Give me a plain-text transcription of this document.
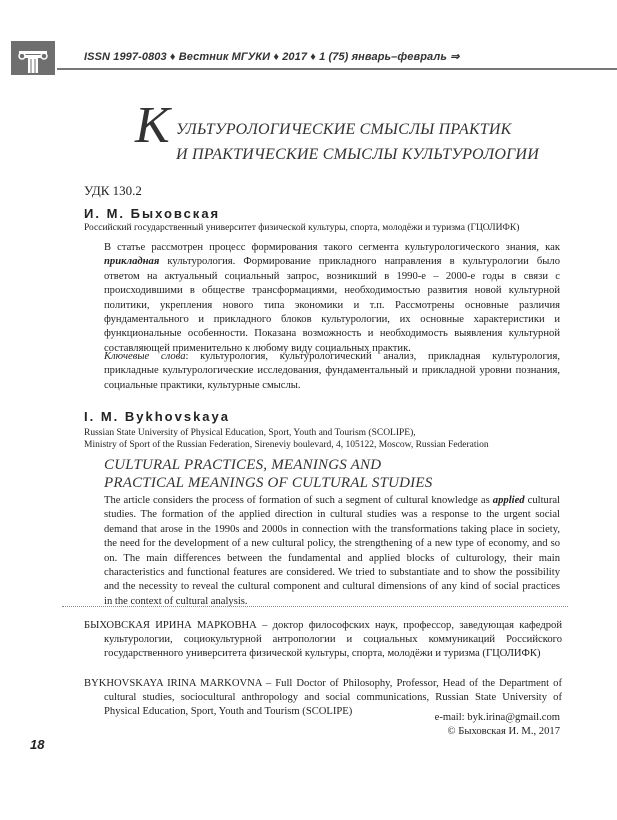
ISSN 1997-0803 ♦ Вестник МГУКИ ♦ 2017 ♦ 1 (75) январь–февраль ⇒
К УЛЬТУРОЛОГИЧЕСКИЕ СМЫСЛЫ ПРАКТИК
И ПРАКТИЧЕСКИЕ СМЫСЛЫ КУЛЬТУРОЛОГИИ
УДК 130.2
И. М. Быховская
Российский государственный университет физической культуры, спорта, молодёжи и туризма (ГЦОЛИФК)
В статье рассмотрен процесс формирования такого сегмента культурологического знания, как прикладная культурология. Формирование прикладного направления в культурологии было ответом на актуальный социальный запрос, возникший в 1990-е – 2000-е годы в связи с происходившими в обществе трансформациями, необходимостью развития новой культурной политики, укрепления нового типа экономики и т.п. Рассмотрены основные различия фундаментального и прикладного блоков культурологии, их основные характеристики и функциональные особенности. Показана возможность и необходимость выявления культурной составляющей применительно к любому виду социальных практик.
Ключевые слова: культурология, культурологический анализ, прикладная культурология, прикладные культурологические исследования, фундаментальный и прикладной уровни познания, социальные практики, культурные смыслы.
I. M. Bykhovskaya
Russian State University of Physical Education, Sport, Youth and Tourism (SCOLIPE),
Ministry of Sport of the Russian Federation, Sireneviy boulevard, 4, 105122, Moscow, Russian Federation
CULTURAL PRACTICES, MEANINGS AND
PRACTICAL MEANINGS OF CULTURAL STUDIES
The article considers the process of formation of such a segment of cultural knowledge as applied cultural studies. The formation of the applied direction in cultural studies was a response to the urgent social demand that arose in the 1990s and 2000s in connection with the transformations taking place in society, the need for the development of a new cultural policy, the strengthening of a new type of economy, and so on. The main differences between the fundamental and applied blocks of culturology, their main characteristics and functional features are considered. We tried to substantiate and to show the possibility and the necessity to reveal the cultural component and cultural dimensions of any kind of social practices in the context of cultural analysis.
БЫХОВСКАЯ ИРИНА МАРКОВНА – доктор философских наук, профессор, заведующая кафедрой культурологии, социокультурной антропологии и социальных коммуникаций Российского государственного университета физической культуры, спорта, молодёжи и туризма (ГЦОЛИФК)
BYKHOVSKAYA IRINA MARKOVNA – Full Doctor of Philosophy, Professor, Head of the Department of cultural studies, sociocultural anthropology and social communications, Russian State University of Physical Education, Sport, Youth and Tourism (SCOLIPE)
e-mail: byk.irina@gmail.com
© Быховская И. М., 2017
18
